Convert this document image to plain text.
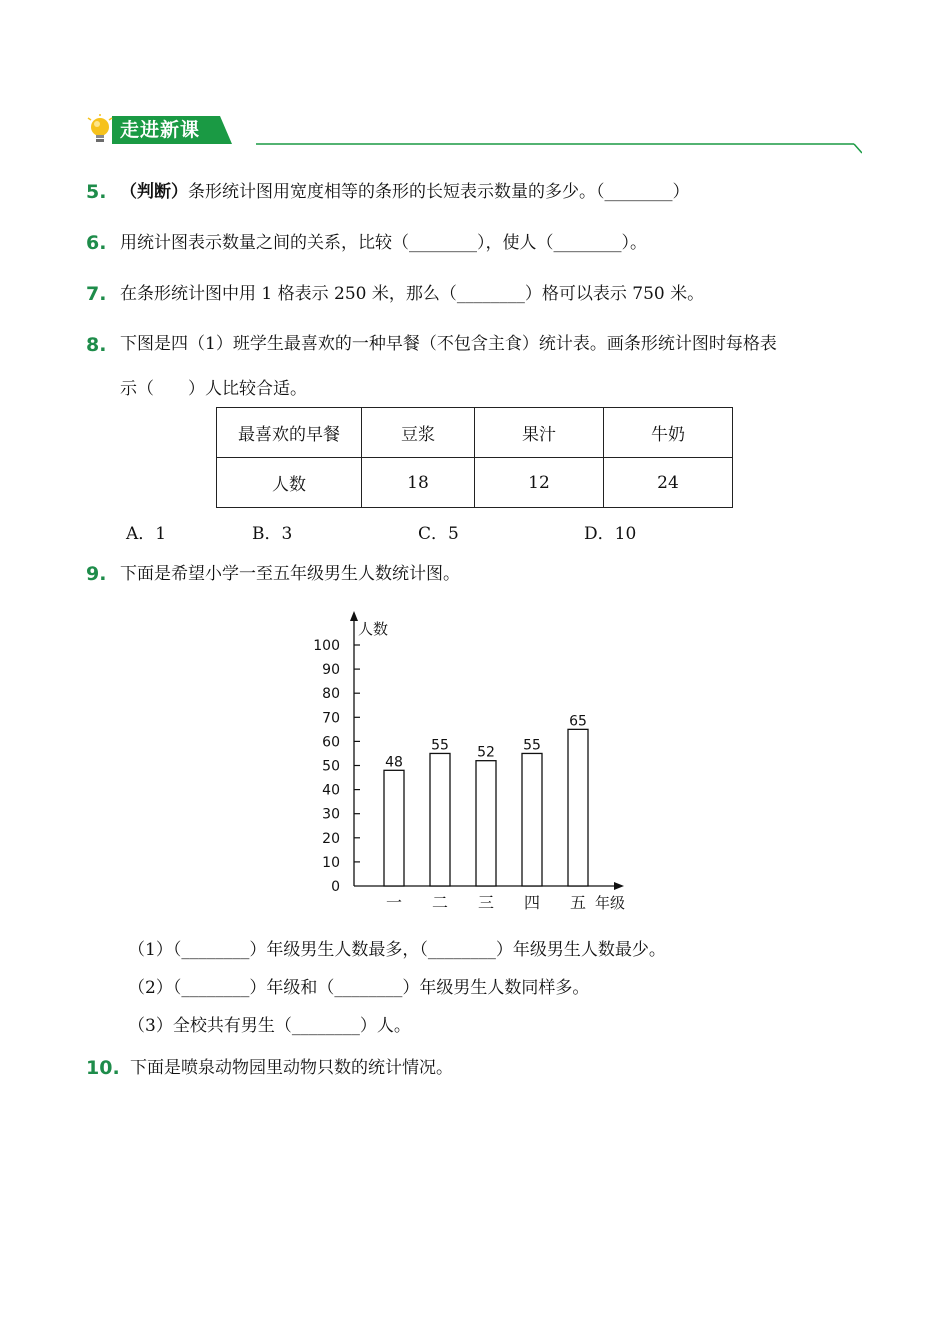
走进新课
5. （判断）条形统计图用宽度相等的条形的长短表示数量的多少。（________）
6. 用统计图表示数量之间的关系，比较（________），使人（________）。
7. 在条形统计图中用 1 格表示 250 米，那么（________）格可以表示 750 米。
8. 下图是四（1）班学生最喜欢的一种早餐（不包含主食）统计表。画条形统计图时每格表
示（　　）人比较合适。
最喜欢的早餐	豆浆	果汁	牛奶
人数	18	12	24
A．1	B．3	C．5	D．10
9. 下面是希望小学一至五年级男生人数统计图。
人数
年级
0
10
20
30
40
50
60
70
80
90
100
48
一
55
二
52
三
55
四
65
五
（1）（________）年级男生人数最多，（________）年级男生人数最少。
（2）（________）年级和（________）年级男生人数同样多。
（3）全校共有男生（________）人。
10. 下面是喷泉动物园里动物只数的统计情况。
